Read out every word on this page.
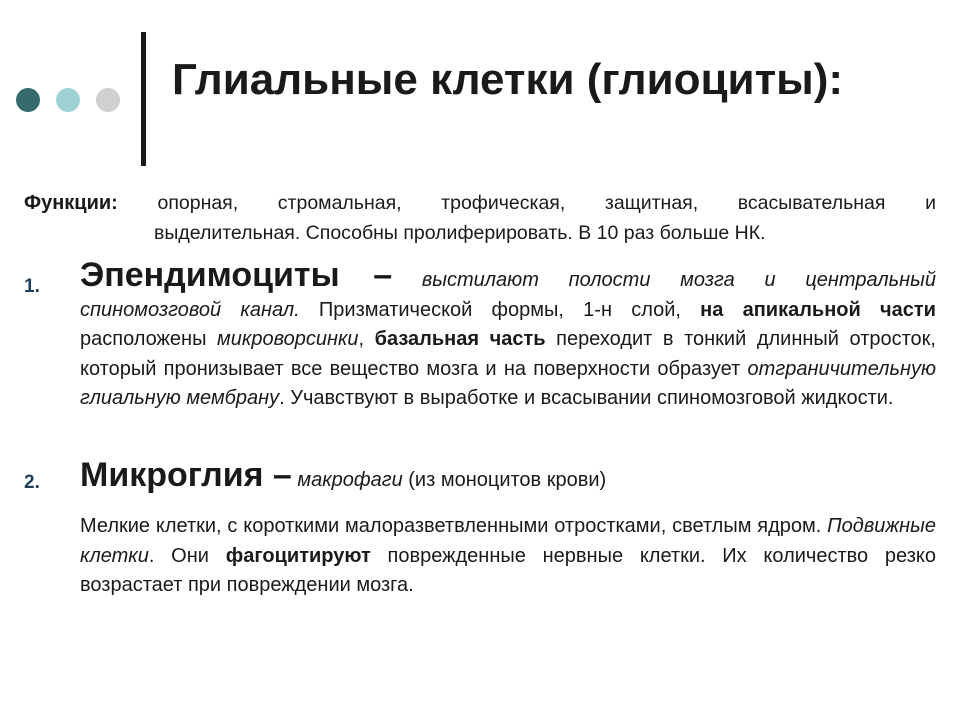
Глиальные клетки (глиоциты):
Функции: опорная, стромальная, трофическая, защитная, всасывательная и
выделительная. Способны пролиферировать. В 10 раз больше НК.
1. Эпендимоциты – выстилают полости мозга и центральный спиномозговой канал. Призматической формы, 1-н слой, на апикальной части расположены микроворсинки, базальная часть переходит в тонкий длинный отросток, который пронизывает все вещество мозга и на поверхности образует отграничительную глиальную мембрану. Учавствуют в выработке и всасывании спиномозговой жидкости.
2. Микроглия – макрофаги (из моноцитов крови)
Мелкие клетки, с короткими малоразветвленными отростками, светлым ядром. Подвижные клетки. Они фагоцитируют поврежденные нервные клетки. Их количество резко возрастает при повреждении мозга.
